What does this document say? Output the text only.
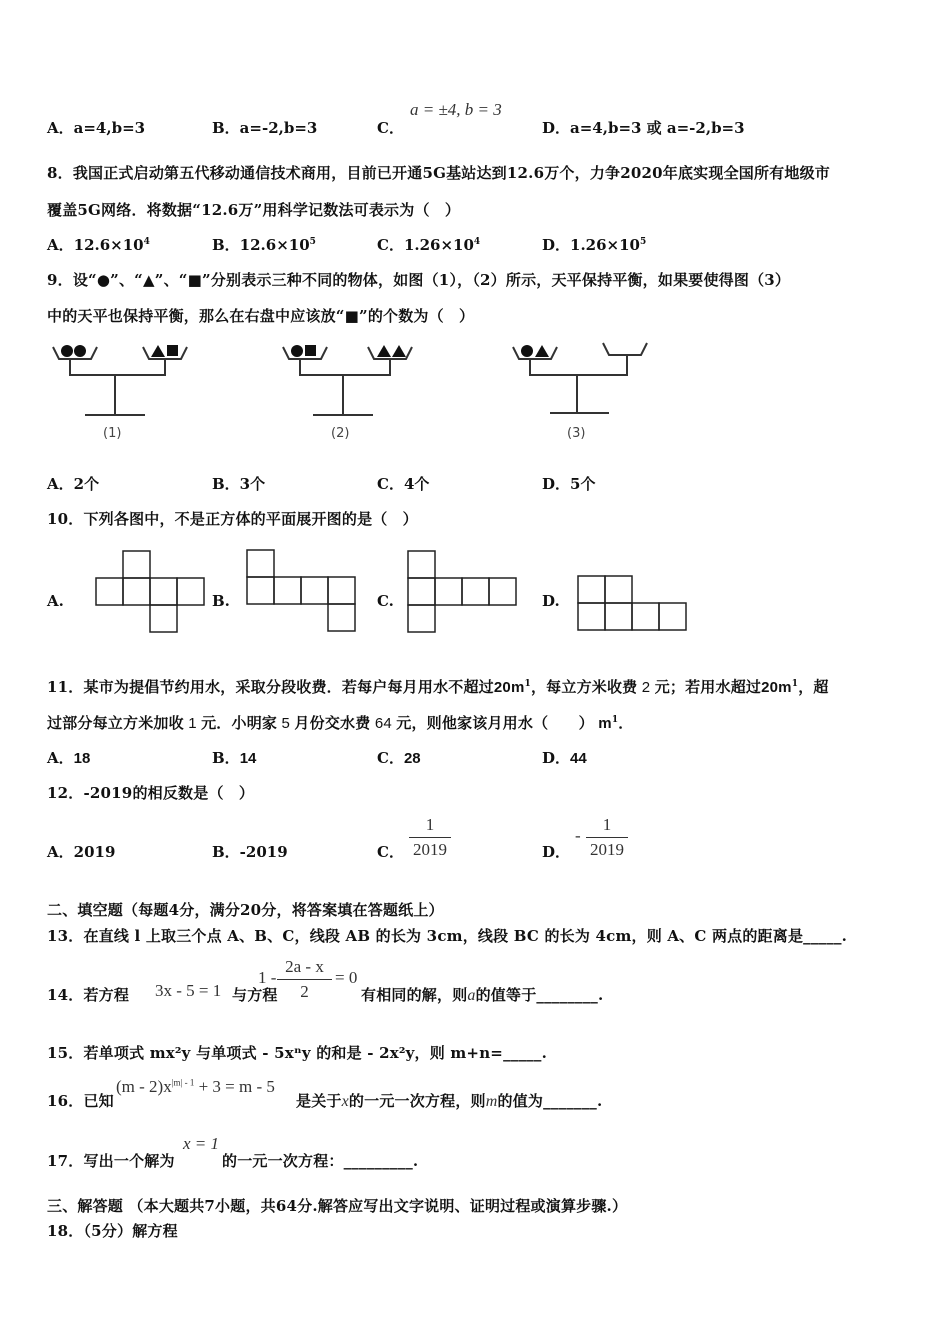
A．a=4,b=3	B．a=-2,b=3	C．
a = ±4, b = 3
D．a=4,b=3 或 a=-2,b=3
8．我国正式启动第五代移动通信技术商用，目前已开通5G基站达到12.6万个，力争2020年底实现全国所有地级市
覆盖5G网络．将数据“12.6万”用科学记数法可表示为（　）
A．$12.6\times 10^4$	B．$12.6\times 10^5$	C．$1.26\times 10^4$	D．$1.26\times 10^5$
9．设“●”、“▲”、“■”分别表示三种不同的物体，如图（1），（2）所示，天平保持平衡，如果要使得图（3）
中的天平也保持平衡，那么在右盘中应该放“■”的个数为（　）
(1)	(2)	(3)
A．2个	B．3个	C．4个	D．5个
10．下列各图中，不是正方体的平面展开图的是（　）
A.	B.	C.	D.
11．某市为提倡节约用水，采取分段收费．若每户每月用水不超过$20m^1$，每立方米收费 2 元；若用水超过$20m^1$，超
过部分每立方米加收 1 元．小明家 5 月份交水费 64 元，则他家该月用水（　　） $m^1$．
A．18	B．14	C．28	D．44
12．-2019的相反数是（　）
A．2019	B．-2019	C．
1
2019	D．
-
1
2019
二、填空题（每题4分，满分20分，将答案填在答题纸上）
13．在直线 l 上取三个点 A、B、C，线段 AB 的长为 3cm，线段 BC 的长为 4cm，则 A、C 两点的距离是_____.
14．若方程 3x - 5 = 1 与方程
1 -
2a - x
2
= 0
有相同的解，则a的值等于________.
15．若单项式 mx²y 与单项式 - 5xⁿy 的和是 - 2x²y，则 m+n=_____.
16．已知
$(m - 2)x^{|m| - 1} + 3 = m - 5$
是关于x的一元一次方程，则m的值为_______.
17．写出一个解为
x = 1
的一元一次方程：_________.
三、解答题 （本大题共7小题，共64分.解答应写出文字说明、证明过程或演算步骤.）
18．（5分）解方程
